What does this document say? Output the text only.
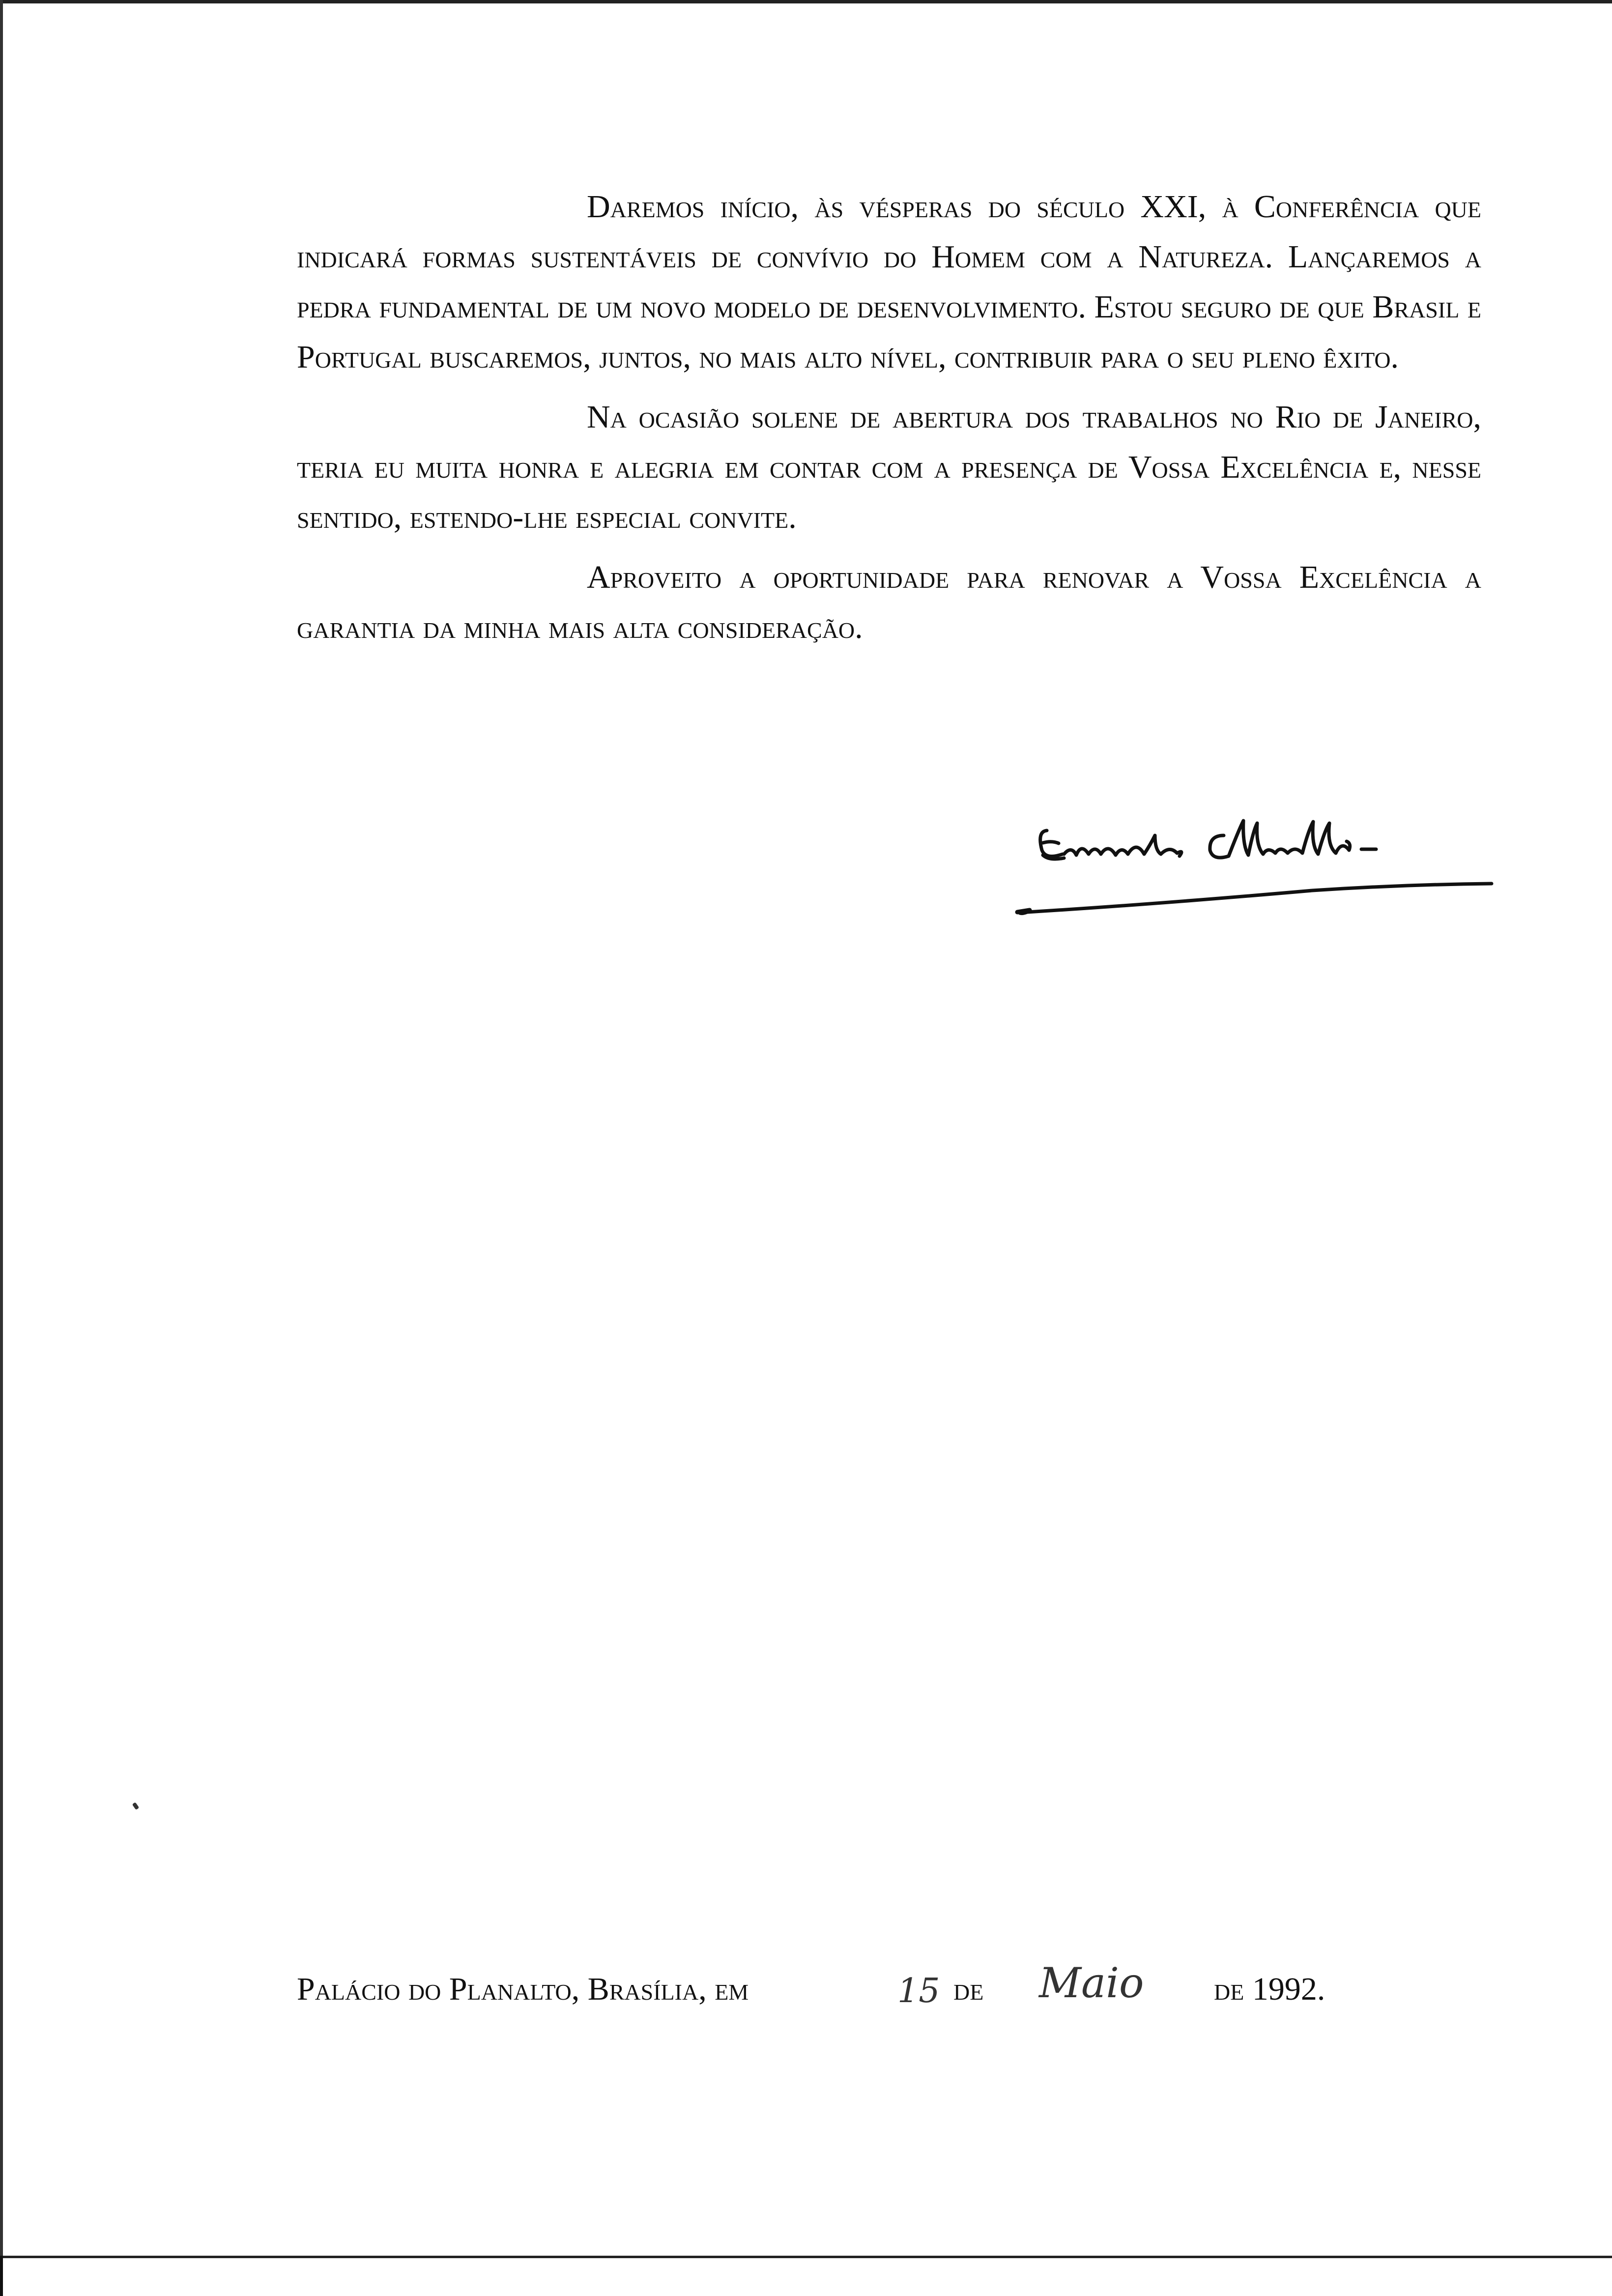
Daremos início, às vésperas do século XXI, à Conferência que indicará formas sustentáveis de convívio do Homem com a Natureza. Lançaremos a pedra fundamental de um novo modelo de desenvolvimento. Estou seguro de que Brasil e Portugal buscaremos, juntos, no mais alto nível, contribuir para o seu pleno êxito.

Na ocasião solene de abertura dos trabalhos no Rio de Janeiro, teria eu muita honra e alegria em contar com a presença de Vossa Excelência e, nesse sentido, estendo-lhe especial convite.

Aproveito a oportunidade para renovar a Vossa Excelência a garantia da minha mais alta consideração.

Palácio do Planalto, Brasília, em	15 de Maio de 1992.
